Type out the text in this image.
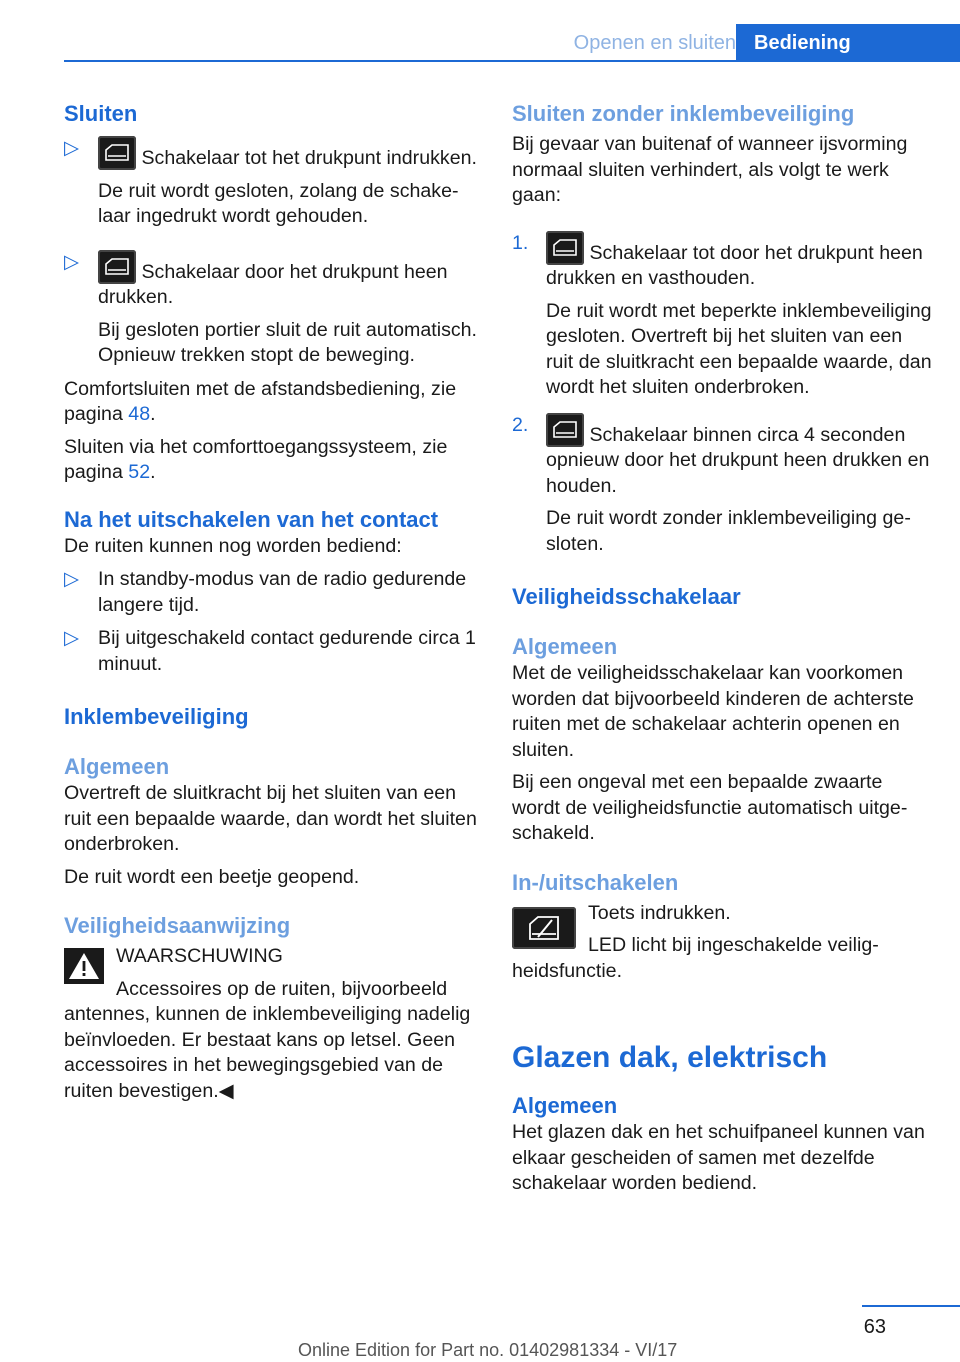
Openen en sluiten Bediening
Sluiten
▷	Schakelaar tot het drukpunt indrukken.

De ruit wordt gesloten, zolang de schakelaar ingedrukt wordt gehouden.

▷	Schakelaar door het drukpunt heen drukken.

Bij gesloten portier sluit de ruit automatisch. Opnieuw trekken stopt de beweging.

Comfortsluiten met de afstandsbediening, zie pagina 48.

Sluiten via het comforttoegangssysteem, zie pagina 52.

Na het uitschakelen van het contact

De ruiten kunnen nog worden bediend:

▷ In standby-modus van de radio gedurende langere tijd.

▷ Bij uitgeschakeld contact gedurende circa 1 minuut.

Inklembeveiliging
Algemeen

Overtreft de sluitkracht bij het sluiten van een ruit een bepaalde waarde, dan wordt het sluiten onderbroken.

De ruit wordt een beetje geopend.

Veiligheidsaanwijzing

WAARSCHUWING

Accessoires op de ruiten, bijvoorbeeld antennes, kunnen de inklembeveiliging nadelig beïnvloeden. Er bestaat kans op letsel. Geen accessoires in het bewegingsgebied van de ruiten bevestigen.◀

Sluiten zonder inklembeveiliging

Bij gevaar van buitenaf of wanneer ijsvorming normaal sluiten verhindert, als volgt te werk gaan:

1.	Schakelaar tot door het drukpunt heen drukken en vasthouden.

De ruit wordt met beperkte inklembeveiliging gesloten. Overtreft bij het sluiten van een ruit de sluitkracht een bepaalde waarde, dan wordt het sluiten onderbroken.

2.	Schakelaar binnen circa 4 seconden opnieuw door het drukpunt heen drukken en houden.

De ruit wordt zonder inklembeveiliging gesloten.

Veiligheidsschakelaar
Algemeen

Met de veiligheidsschakelaar kan voorkomen worden dat bijvoorbeeld kinderen de achterste ruiten met de schakelaar achterin openen en sluiten.

Bij een ongeval met een bepaalde zwaarte wordt de veiligheidsfunctie automatisch uitgeschakeld.

In-/uitschakelen

Toets indrukken.

LED licht bij ingeschakelde veiligheidsfunctie.

Glazen dak, elektrisch
Algemeen

Het glazen dak en het schuifpaneel kunnen van elkaar gescheiden of samen met dezelfde schakelaar worden bediend.

63
Online Edition for Part no. 01402981334 - VI/17
